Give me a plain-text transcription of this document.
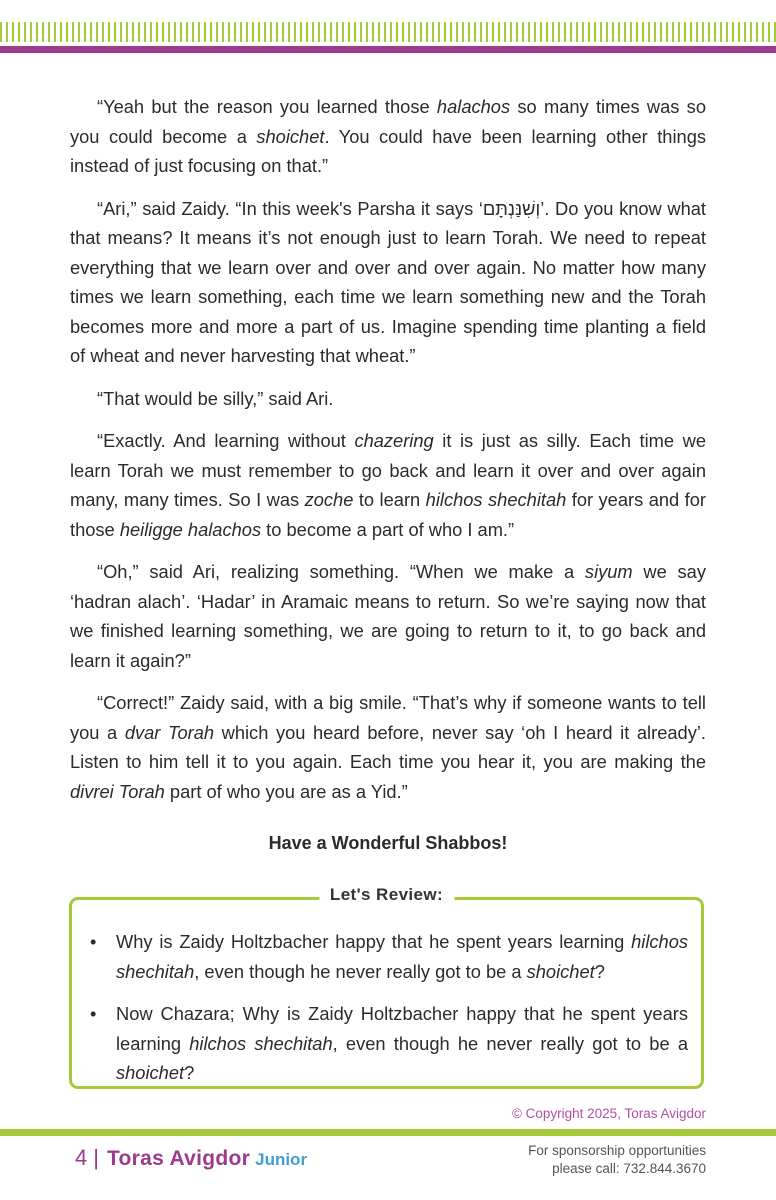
“Yeah but the reason you learned those halachos so many times was so you could become a shoichet. You could have been learning other things instead of just focusing on that.”

“Ari,” said Zaidy. “In this week's Parsha it says ‘וְשִׁנַּנְתָּם’. Do you know what that means? It means it’s not enough just to learn Torah. We need to repeat everything that we learn over and over and over again. No matter how many times we learn something, each time we learn something new and the Torah becomes more and more a part of us. Imagine spending time planting a field of wheat and never harvesting that wheat.”

“That would be silly,” said Ari.

“Exactly. And learning without chazering it is just as silly. Each time we learn Torah we must remember to go back and learn it over and over again many, many times. So I was zoche to learn hilchos shechitah for years and for those heiligge halachos to become a part of who I am.”

“Oh,” said Ari, realizing something. “When we make a siyum we say ‘hadran alach’. ‘Hadar’ in Aramaic means to return. So we’re saying now that we finished learning something, we are going to return to it, to go back and learn it again?”

“Correct!” Zaidy said, with a big smile. “That’s why if someone wants to tell you a dvar Torah which you heard before, never say ‘oh I heard it already’. Listen to him tell it to you again. Each time you hear it, you are making the divrei Torah part of who you are as a Yid.”

Have a Wonderful Shabbos!

Let's Review:
• Why is Zaidy Holtzbacher happy that he spent years learning hilchos shechitah, even though he never really got to be a shoichet?
• Now Chazara; Why is Zaidy Holtzbacher happy that he spent years learning hilchos shechitah, even though he never really got to be a shoichet?
© Copyright 2025, Toras Avigdor
4 | Toras Avigdor Junior	For sponsorship opportunities
please call: 732.844.3670
